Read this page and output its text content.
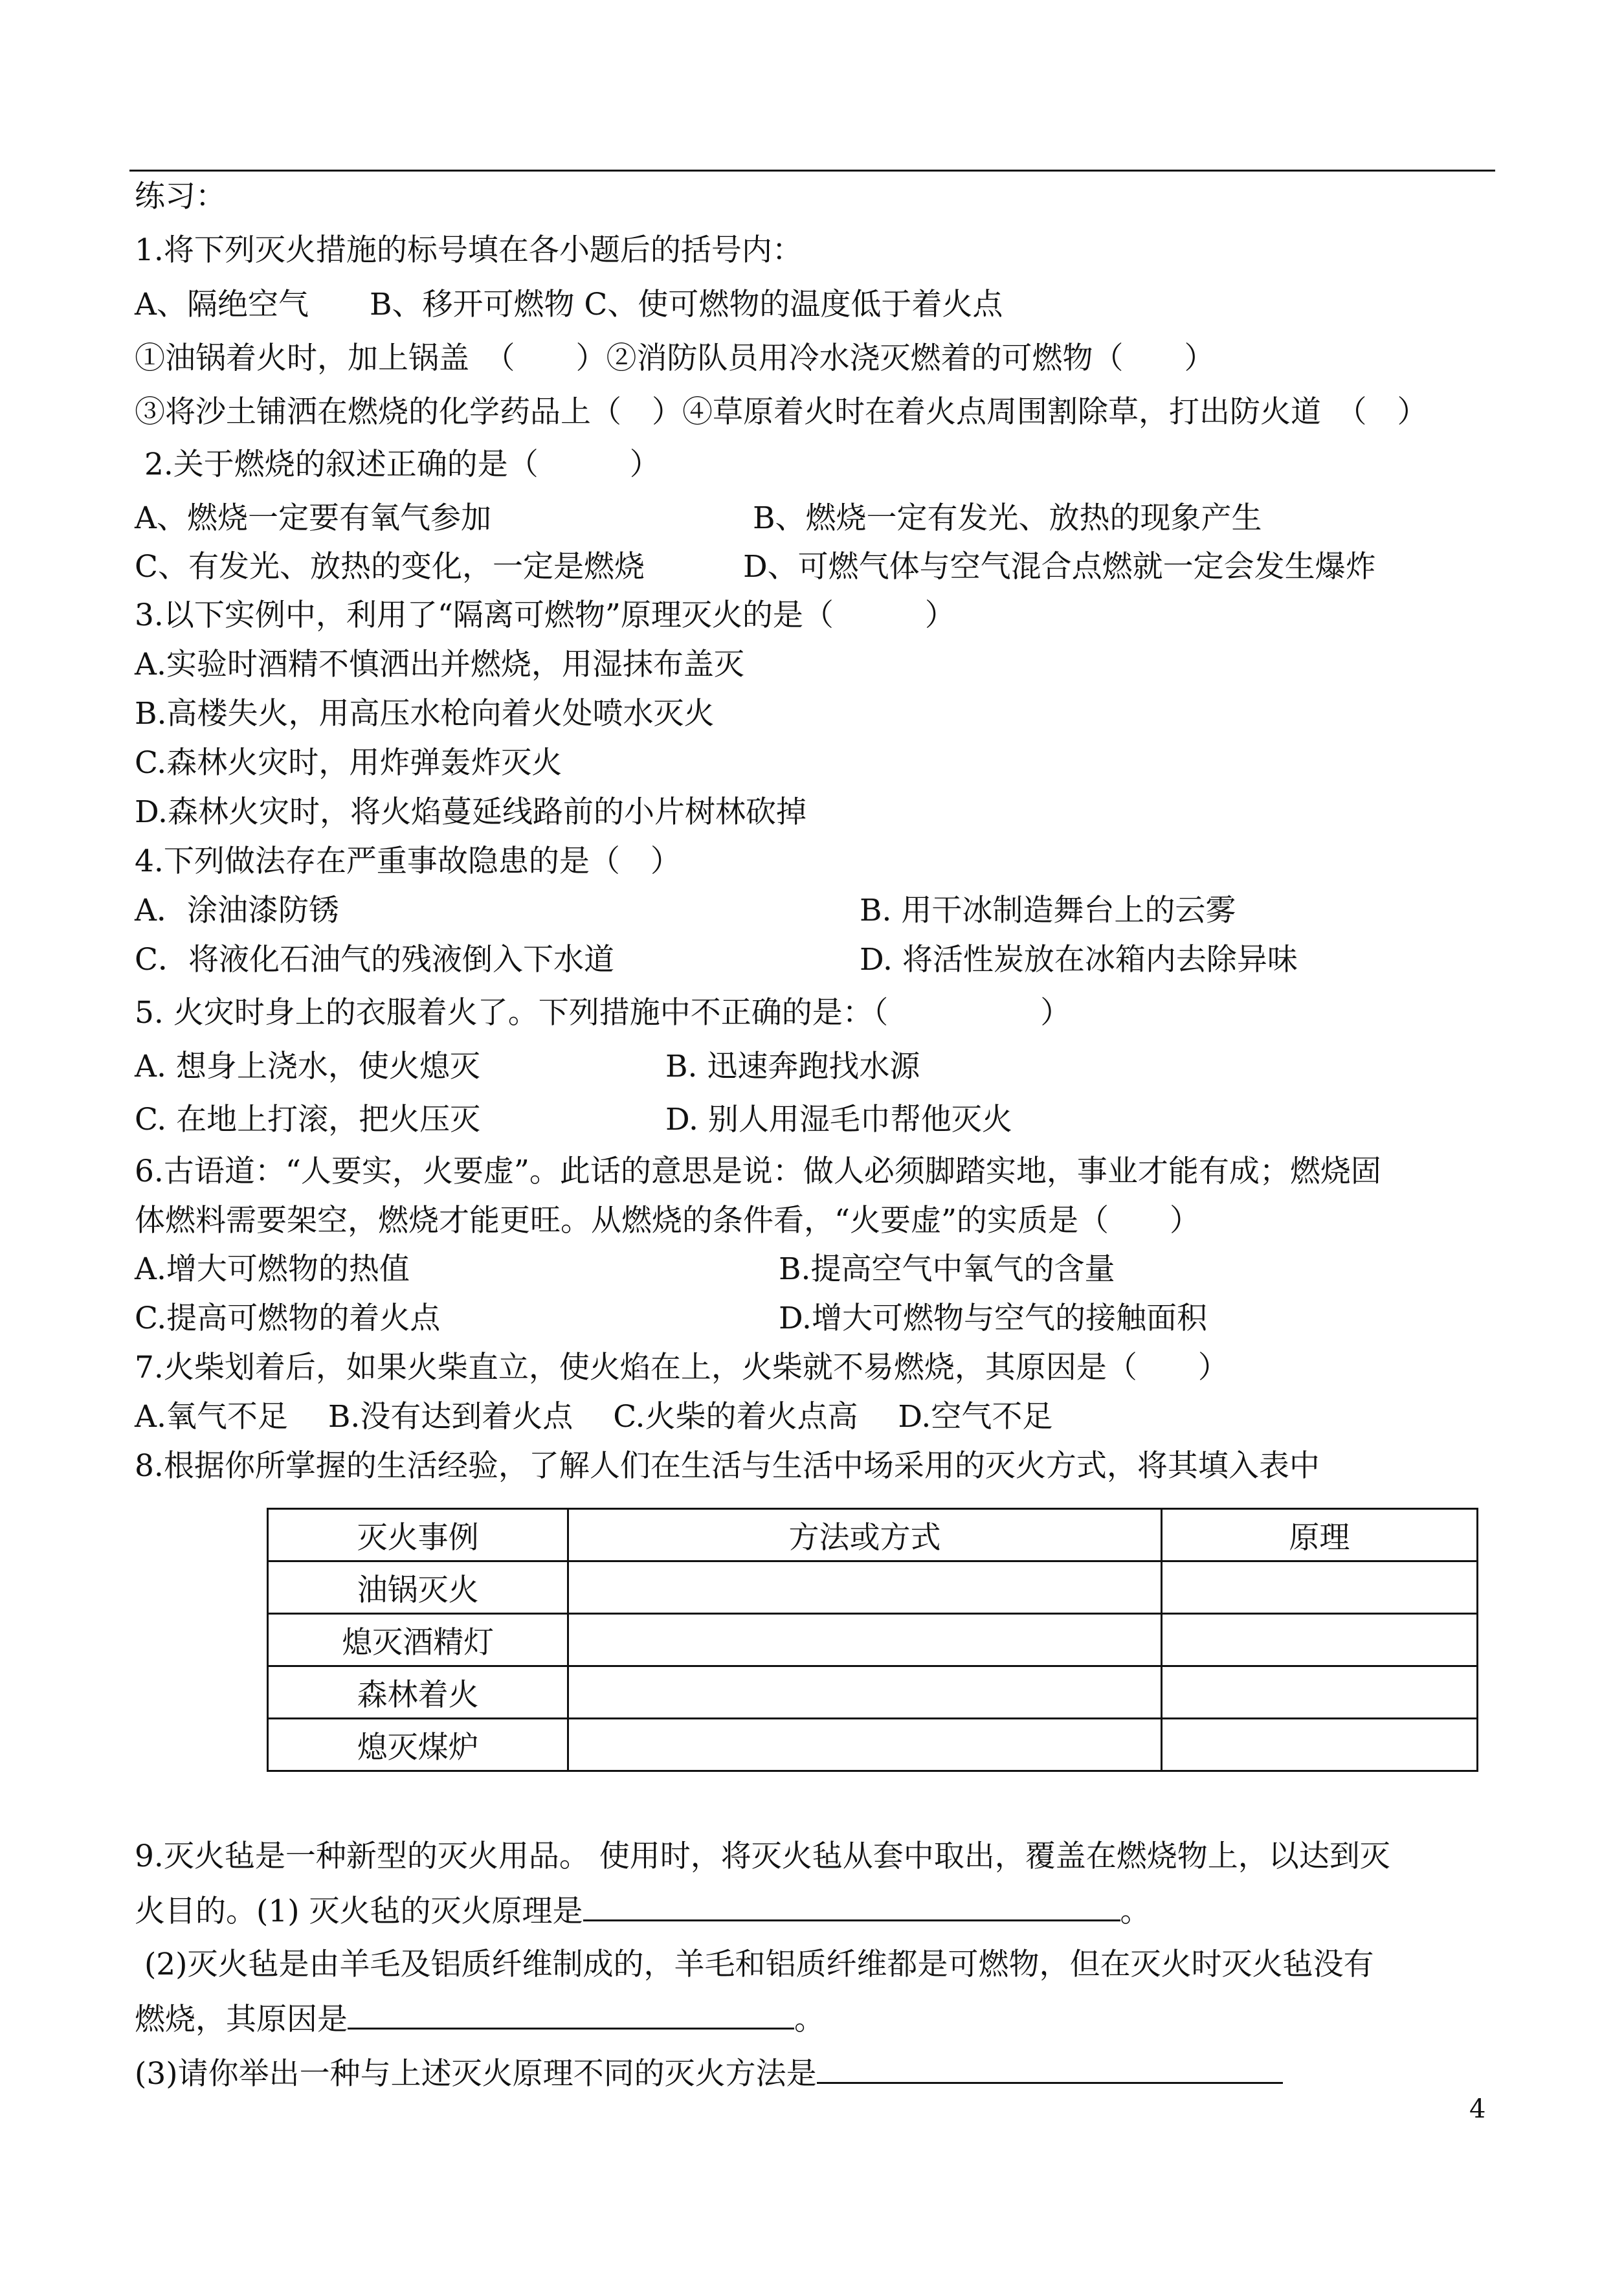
练习：
1.将下列灭火措施的标号填在各小题后的括号内：
A、隔绝空气　　B、移开可燃物 C、使可燃物的温度低于着火点
①油锅着火时，加上锅盖　（　　）②消防队员用冷水浇灭燃着的可燃物（　　）
③将沙土铺洒在燃烧的化学药品上（　）④草原着火时在着火点周围割除草，打出防火道　（　）
2.关于燃烧的叙述正确的是（　　　）
A、燃烧一定要有氧气参加	B、燃烧一定有发光、放热的现象产生
C、有发光、放热的变化，一定是燃烧	D、可燃气体与空气混合点燃就一定会发生爆炸
3.以下实例中，利用了“隔离可燃物”原理灭火的是（　　　）
A.实验时酒精不慎洒出并燃烧，用湿抹布盖灭
B.高楼失火，用高压水枪向着火处喷水灭火
C.森林火灾时，用炸弹轰炸灭火
D.森林火灾时，将火焰蔓延线路前的小片树林砍掉
4.下列做法存在严重事故隐患的是（　）
A．涂油漆防锈	B. 用干冰制造舞台上的云雾
C．将液化石油气的残液倒入下水道	D. 将活性炭放在冰箱内去除异味
5. 火灾时身上的衣服着火了。下列措施中不正确的是：（　　　　　）
A. 想身上浇水，使火熄灭	B. 迅速奔跑找水源
C. 在地上打滚，把火压灭	D. 别人用湿毛巾帮他灭火
6.古语道：“人要实，火要虚”。此话的意思是说：做人必须脚踏实地，事业才能有成；燃烧固
体燃料需要架空，燃烧才能更旺。从燃烧的条件看，“火要虚”的实质是（　　）
A.增大可燃物的热值	B.提高空气中氧气的含量
C.提高可燃物的着火点	D.增大可燃物与空气的接触面积
7.火柴划着后，如果火柴直立，使火焰在上，火柴就不易燃烧，其原因是（　　）
A.氧气不足　 B.没有达到着火点　 C.火柴的着火点高　 D.空气不足
8.根据你所掌握的生活经验，了解人们在生活与生活中场采用的灭火方式，将其填入表中
灭火事例	方法或方式	原理
油锅灭火		
熄灭酒精灯		
森林着火		
熄灭煤炉		
9.灭火毡是一种新型的灭火用品。 使用时，将灭火毡从套中取出，覆盖在燃烧物上，以达到灭
火目的。(1) 灭火毡的灭火原理是	。
(2)灭火毡是由羊毛及铝质纤维制成的，羊毛和铝质纤维都是可燃物，但在灭火时灭火毡没有
燃烧，其原因是	。
(3)请你举出一种与上述灭火原理不同的灭火方法是
4
